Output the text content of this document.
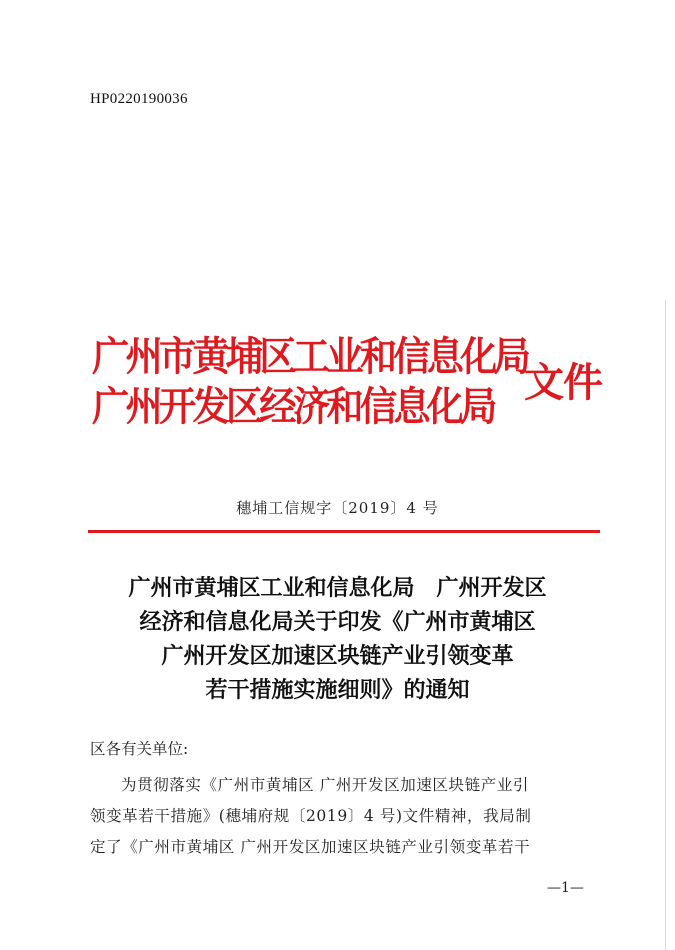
HP0220190036
广州市黄埔区工业和信息化局
广州开发区经济和信息化局
文件
穗埔工信规字〔2019〕4 号
广州市黄埔区工业和信息化局　广州开发区
经济和信息化局关于印发《广州市黄埔区
广州开发区加速区块链产业引领变革
若干措施实施细则》的通知
区各有关单位:
为贯彻落实《广州市黄埔区 广州开发区加速区块链产业引
领变革若干措施》(穗埔府规〔2019〕4 号)文件精神，我局制
定了《广州市黄埔区 广州开发区加速区块链产业引领变革若干
—1—
